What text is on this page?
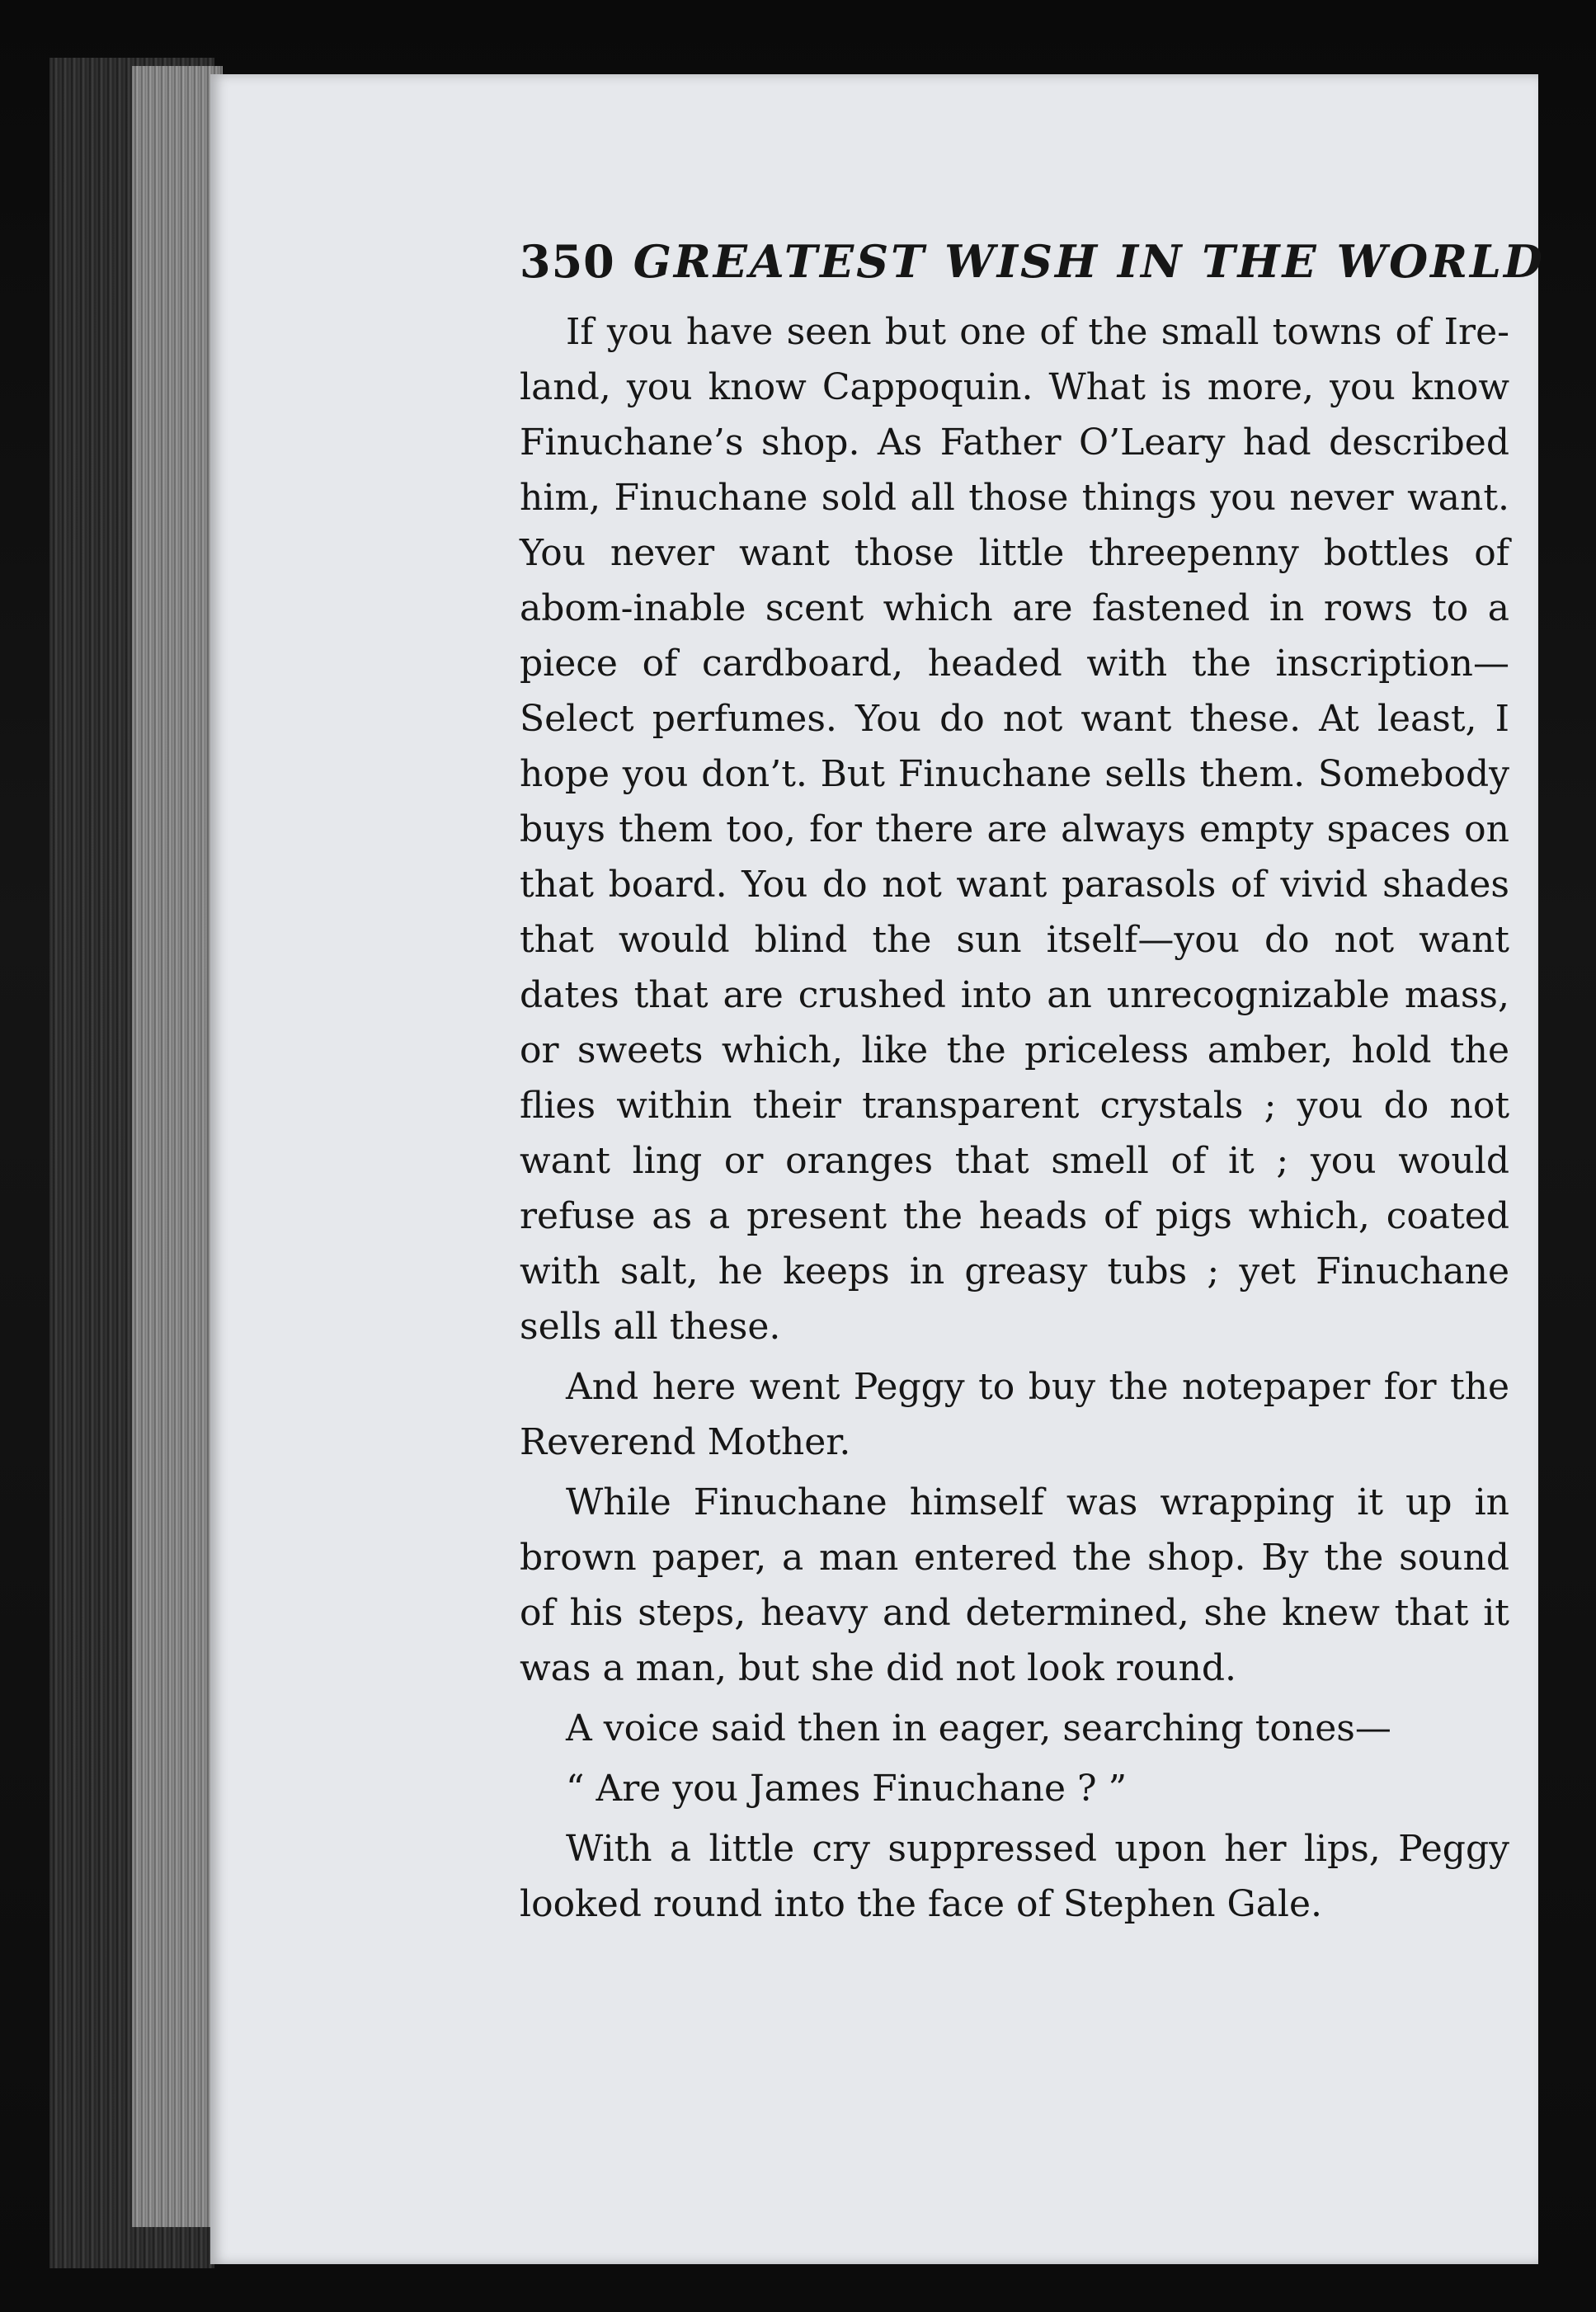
350 GREATEST WISH IN THE WORLD

If you have seen but one of the small towns of Ire-land, you know Cappoquin. What is more, you know Finuchane’s shop. As Father O’Leary had described him, Finuchane sold all those things you never want. You never want those little threepenny bottles of abom-inable scent which are fastened in rows to a piece of cardboard, headed with the inscription—Select perfumes. You do not want these. At least, I hope you don’t. But Finuchane sells them. Somebody buys them too, for there are always empty spaces on that board. You do not want parasols of vivid shades that would blind the sun itself—you do not want dates that are crushed into an unrecognizable mass, or sweets which, like the priceless amber, hold the flies within their transparent crystals ; you do not want ling or oranges that smell of it ; you would refuse as a present the heads of pigs which, coated with salt, he keeps in greasy tubs ; yet Finuchane sells all these.

And here went Peggy to buy the notepaper for the Reverend Mother.

While Finuchane himself was wrapping it up in brown paper, a man entered the shop. By the sound of his steps, heavy and determined, she knew that it was a man, but she did not look round.

A voice said then in eager, searching tones—

“ Are you James Finuchane ? ”

With a little cry suppressed upon her lips, Peggy looked round into the face of Stephen Gale.
